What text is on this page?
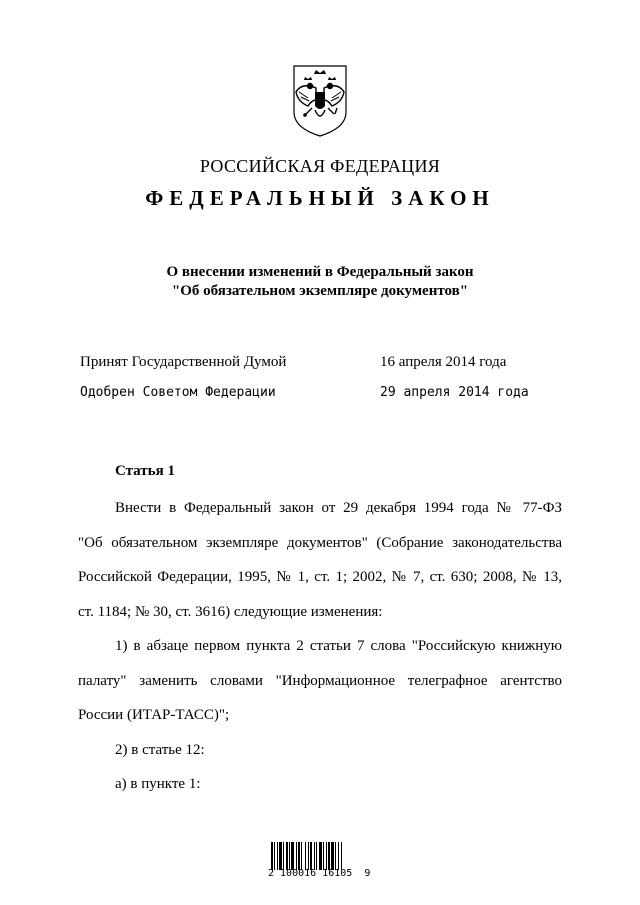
РОССИЙСКАЯ ФЕДЕРАЦИЯ
ФЕДЕРАЛЬНЫЙ ЗАКОН
О внесении изменений в Федеральный закон
"Об обязательном экземпляре документов"
Принят Государственной Думой	16 апреля 2014 года
Одобрен Советом Федерации	29 апреля 2014 года
Статья 1
Внести в Федеральный закон от 29 декабря 1994 года № 77-ФЗ
"Об обязательном экземпляре документов" (Собрание законодательства
Российской Федерации, 1995, № 1, ст. 1; 2002, № 7, ст. 630; 2008, № 13,
ст. 1184; № 30, ст. 3616) следующие изменения:
1) в абзаце первом пункта 2 статьи 7 слова "Российскую книжную
палату" заменить словами "Информационное телеграфное агентство
России (ИТАР-ТАСС)";
2) в статье 12:
а) в пункте 1:
2 100016 16105  9
